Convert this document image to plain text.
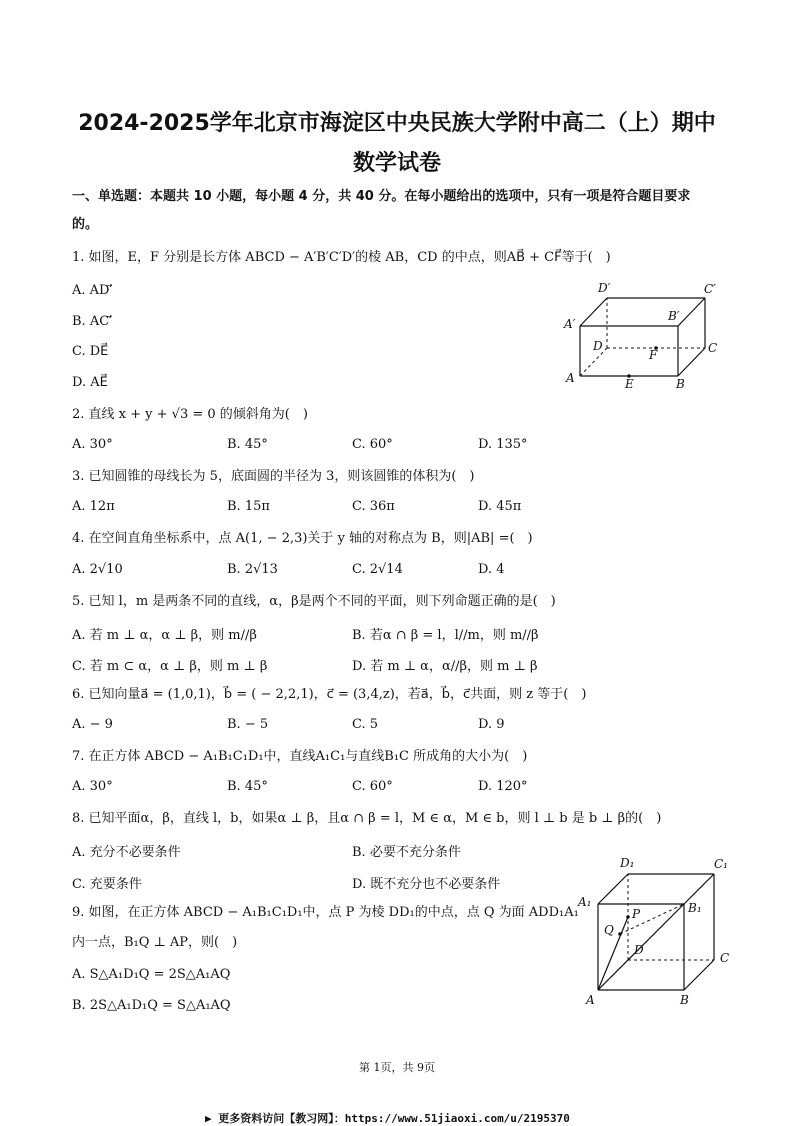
2024-2025学年北京市海淀区中央民族大学附中高二（上）期中
数学试卷
一、单选题：本题共 10 小题，每小题 4 分，共 40 分。在每小题给出的选项中，只有一项是符合题目要求
的。
1. 如图，E，F 分别是长方体 ABCD − A′B′C′D′的棱 AB，CD 的中点，则AB⃗ + CF⃗等于(　)
A. AD′⃗
B. AC′⃗
C. DE⃗
D. AE⃗	A	B
C
D
E
F
A′
B′
C′
D′
2. 直线 x + y + √3 = 0 的倾斜角为(　)
A. 30°	B. 45°	C. 60°	D. 135°
3. 已知圆锥的母线长为 5，底面圆的半径为 3，则该圆锥的体积为(　)
A. 12π	B. 15π	C. 36π	D. 45π
4. 在空间直角坐标系中，点 A(1, − 2,3)关于 y 轴的对称点为 B，则|AB| =(　)
A. 2√10	B. 2√13	C. 2√14	D. 4
5. 已知 l，m 是两条不同的直线，α，β是两个不同的平面，则下列命题正确的是(　)
A. 若 m ⊥ α，α ⊥ β，则 m//β	B. 若α ∩ β = l，l//m，则 m//β
C. 若 m ⊂ α，α ⊥ β，则 m ⊥ β	D. 若 m ⊥ α，α//β，则 m ⊥ β
6. 已知向量a⃗ = (1,0,1)，b⃗ = ( − 2,2,1)，c⃗ = (3,4,z)，若a⃗，b⃗，c⃗共面，则 z 等于(　)
A. − 9	B. − 5	C. 5	D. 9
7. 在正方体 ABCD − A₁B₁C₁D₁中，直线A₁C₁与直线B₁C 所成角的大小为(　)
A. 30°	B. 45°	C. 60°	D. 120°
8. 已知平面α，β，直线 l，b，如果α ⊥ β，且α ∩ β = l，M ∈ α，M ∈ b，则 l ⊥ b 是 b ⊥ β的(　)
A. 充分不必要条件	B. 必要不充分条件
C. 充要条件	D. 既不充分也不必要条件
9. 如图，在正方体 ABCD − A₁B₁C₁D₁中，点 P 为棱 DD₁的中点，点 Q 为面 ADD₁A₁
内一点，B₁Q ⊥ AP，则(　)
A. S△A₁D₁Q = 2S△A₁AQ
B. 2S△A₁D₁Q = S△A₁AQ	A	B
C
D
A₁	B₁
C₁
D₁
P
Q
第 1页，共 9页
▶ 更多资料访问【教习网】：https://www.51jiaoxi.com/u/2195370
